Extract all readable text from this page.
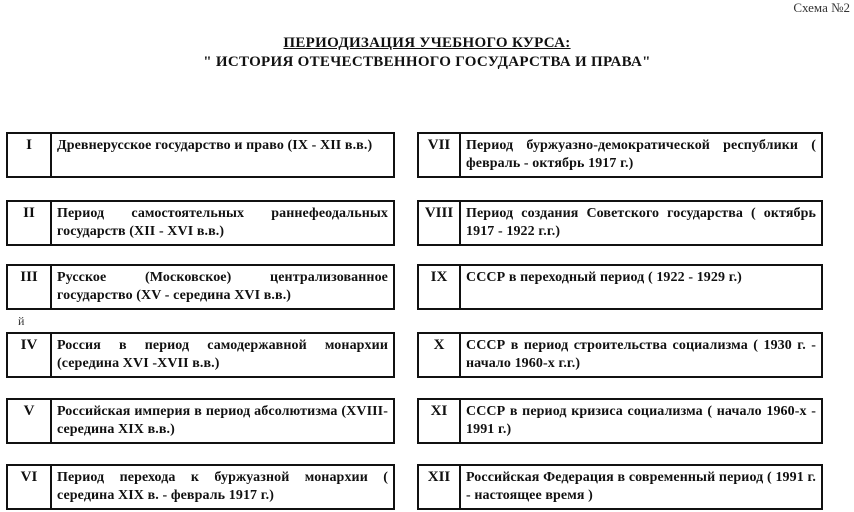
Схема №2
ПЕРИОДИЗАЦИЯ УЧЕБНОГО КУРСА:
" ИСТОРИЯ ОТЕЧЕСТВЕННОГО ГОСУДАРСТВА И ПРАВА"
й
I	Древнерусское государство и право (IX - XII в.в.)
II	Период самостоятельных раннефеодальных государств (XII - XVI в.в.)
III	Русское (Московское) централизованное государство (XV - середина XVI в.в.)
IV	Россия в период самодержавной монархии (середина XVI -XVII в.в.)
V	Российская империя в период абсолютизма (XVIII- середина XIX в.в.)
VI	Период перехода к буржуазной монархии ( середина XIX в. - февраль 1917 г.)
VII	Период буржуазно-демократической республики ( февраль - октябрь 1917 г.)
VIII Период создания Советского государства ( октябрь 1917 - 1922 г.г.)
IX	СССР в переходный период ( 1922 - 1929 г.)
X	СССР в период строительства социализма ( 1930 г. - начало 1960-х г.г.)
XI	СССР в период кризиса социализма ( начало 1960-х - 1991 г.)
XII	Российская Федерация в современный период ( 1991 г. - настоящее время )
